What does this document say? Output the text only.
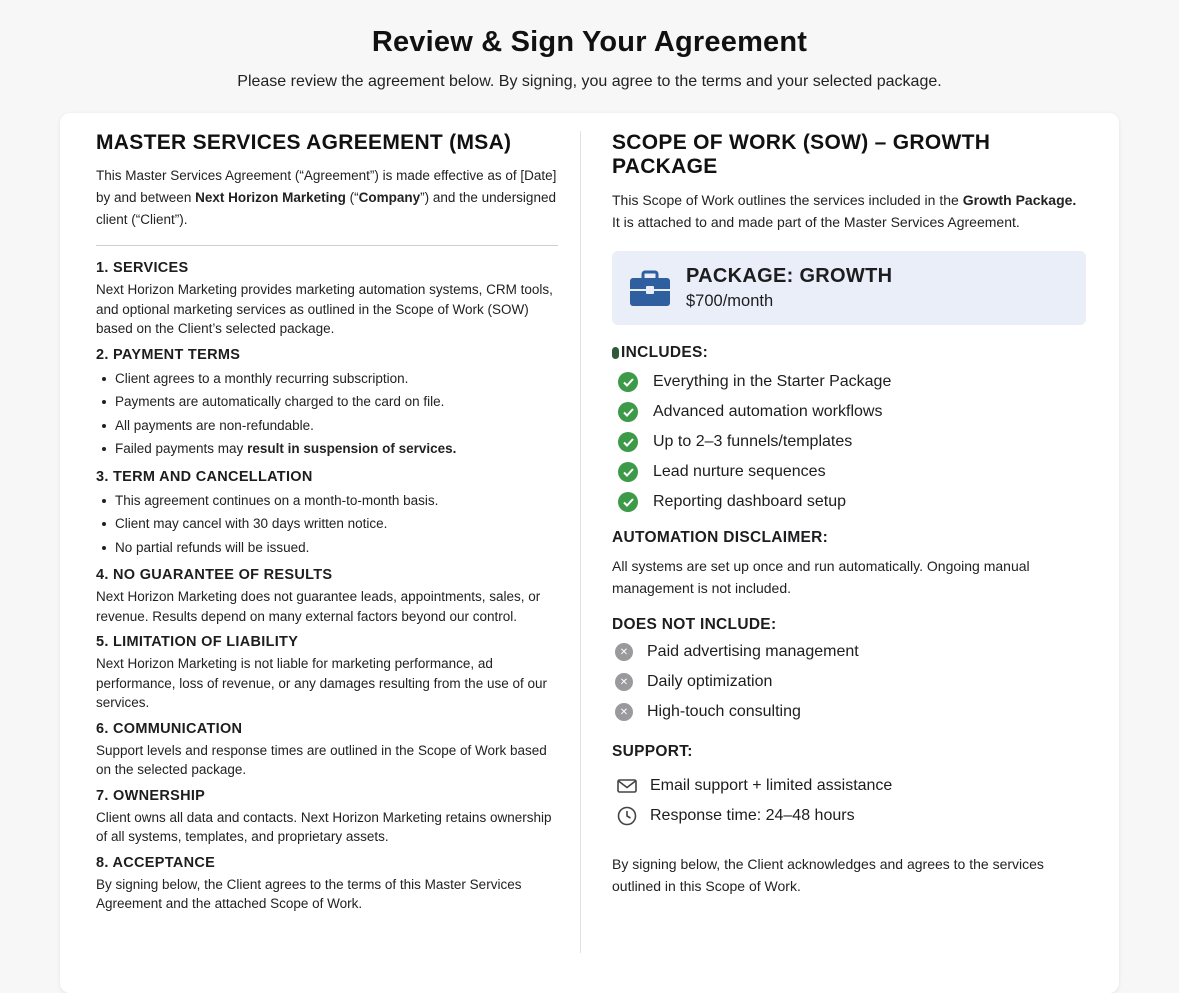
Review & Sign Your Agreement
Please review the agreement below. By signing, you agree to the terms and your selected package.
MASTER SERVICES AGREEMENT (MSA)
This Master Services Agreement (“Agreement”) is made effective as of [Date] by and between Next Horizon Marketing (“Company”) and the undersigned client (“Client”).
1. SERVICES
Next Horizon Marketing provides marketing automation systems, CRM tools, and optional marketing services as outlined in the Scope of Work (SOW) based on the Client’s selected package.
2. PAYMENT TERMS
Client agrees to a monthly recurring subscription.
Payments are automatically charged to the card on file.
All payments are non-refundable.
Failed payments may result in suspension of services.
3. TERM AND CANCELLATION
This agreement continues on a month-to-month basis.
Client may cancel with 30 days written notice.
No partial refunds will be issued.
4. NO GUARANTEE OF RESULTS
Next Horizon Marketing does not guarantee leads, appointments, sales, or revenue. Results depend on many external factors beyond our control.
5. LIMITATION OF LIABILITY
Next Horizon Marketing is not liable for marketing performance, ad performance, loss of revenue, or any damages resulting from the use of our services.
6. COMMUNICATION
Support levels and response times are outlined in the Scope of Work based on the selected package.
7. OWNERSHIP
Client owns all data and contacts. Next Horizon Marketing retains ownership of all systems, templates, and proprietary assets.
8. ACCEPTANCE
By signing below, the Client agrees to the terms of this Master Services Agreement and the attached Scope of Work.
SCOPE OF WORK (SOW) – GROWTH PACKAGE
This Scope of Work outlines the services included in the Growth Package.
It is attached to and made part of the Master Services Agreement.
PACKAGE: GROWTH
$700/month
INCLUDES:
Everything in the Starter Package
Advanced automation workflows
Up to 2–3 funnels/templates
Lead nurture sequences
Reporting dashboard setup
AUTOMATION DISCLAIMER:
All systems are set up once and run automatically. Ongoing manual management is not included.
DOES NOT INCLUDE:
✕	Paid advertising management
✕	Daily optimization
✕	High-touch consulting
SUPPORT:
Email support + limited assistance
Response time: 24–48 hours
By signing below, the Client acknowledges and agrees to the services outlined in this Scope of Work.
